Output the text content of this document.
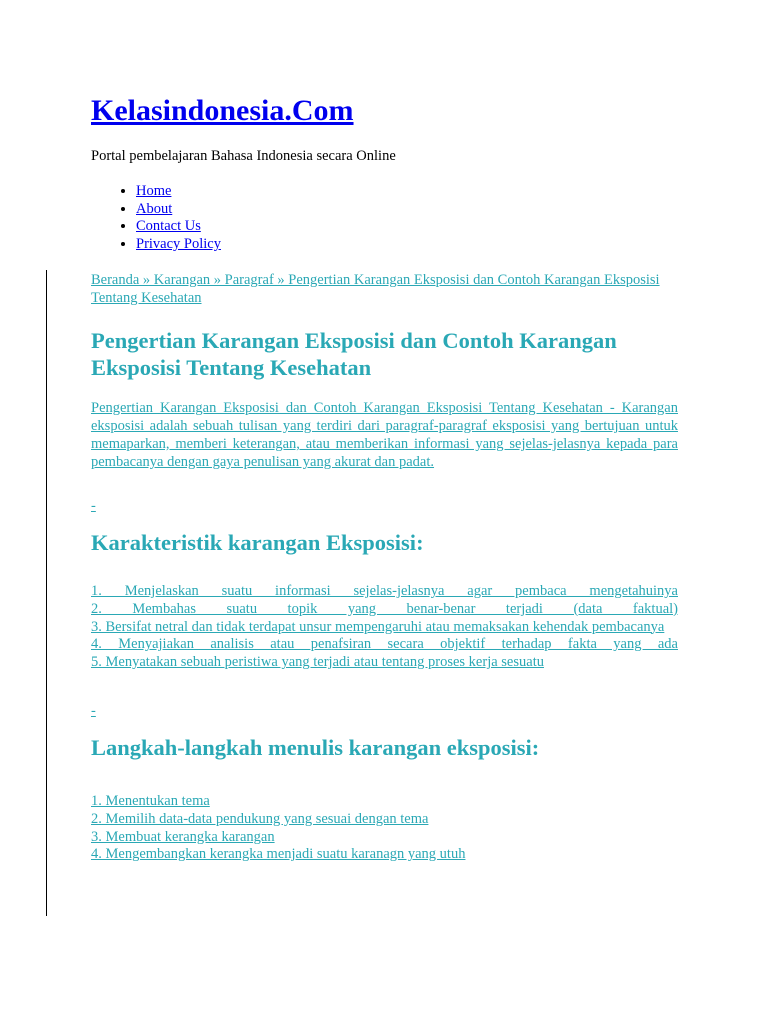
Kelasindonesia.Com

Portal pembelajaran Bahasa Indonesia secara Online

• Home
• About
• Contact Us
• Privacy Policy

Beranda » Karangan » Paragraf » Pengertian Karangan Eksposisi dan Contoh Karangan Eksposisi Tentang Kesehatan

Pengertian Karangan Eksposisi dan Contoh Karangan Eksposisi Tentang Kesehatan

Pengertian Karangan Eksposisi dan Contoh Karangan Eksposisi Tentang Kesehatan - Karangan eksposisi adalah sebuah tulisan yang terdiri dari paragraf-paragraf eksposisi yang bertujuan untuk memaparkan, memberi keterangan, atau memberikan informasi yang sejelas-jelasnya kepada para pembacanya dengan gaya penulisan yang akurat dan padat.

-
Karakteristik karangan Eksposisi:
1. Menjelaskan suatu informasi sejelas-jelasnya agar pembaca mengetahuinya
2. Membahas suatu topik yang benar-benar terjadi (data faktual)
3. Bersifat netral dan tidak terdapat unsur mempengaruhi atau memaksakan kehendak pembacanya
4. Menyajiakan analisis atau penafsiran secara objektif terhadap fakta yang ada
5. Menyatakan sebuah peristiwa yang terjadi atau tentang proses kerja sesuatu
-
Langkah-langkah menulis karangan eksposisi:
1. Menentukan tema
2. Memilih data-data pendukung yang sesuai dengan tema
3. Membuat kerangka karangan
4. Mengembangkan kerangka menjadi suatu karanagn yang utuh
